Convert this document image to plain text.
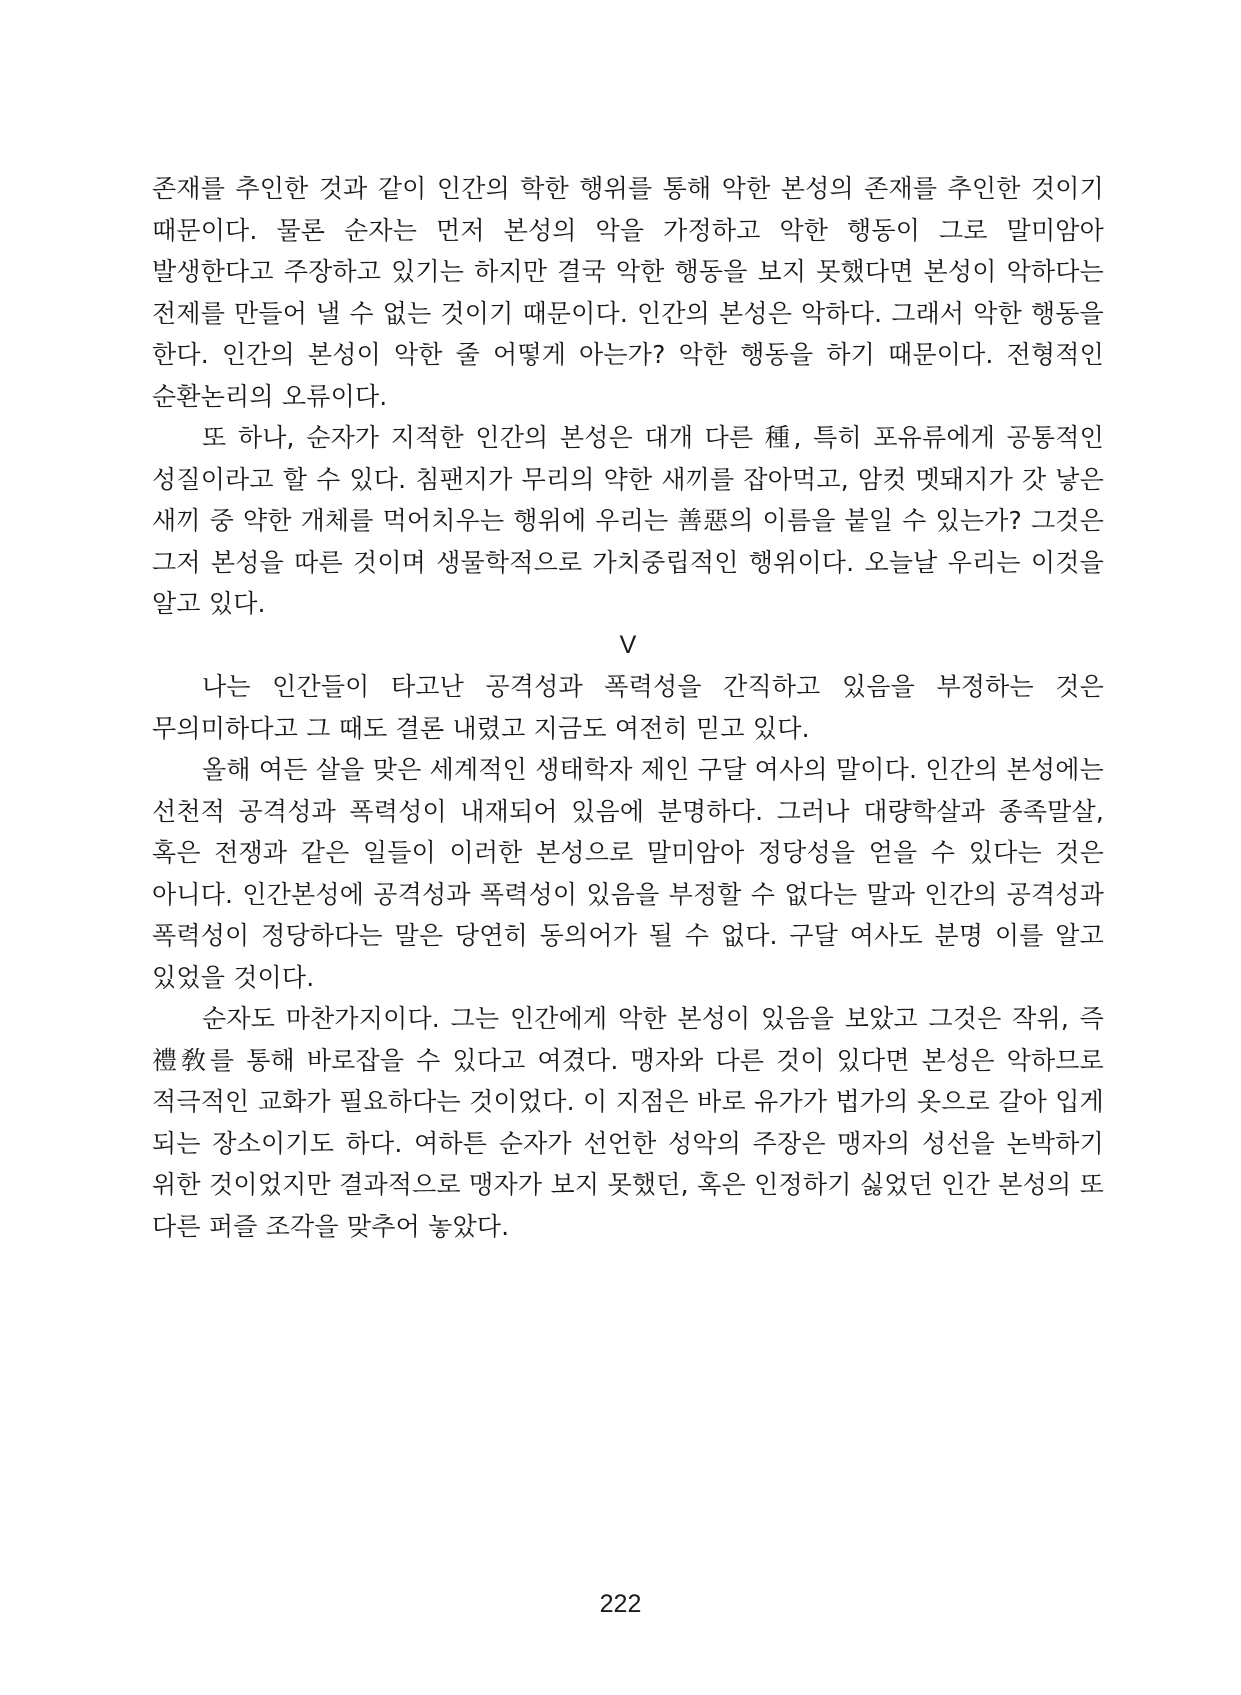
존재를 추인한 것과 같이 인간의 학한 행위를 통해 악한 본성의 존재를 추인한 것이기 때문이다. 물론 순자는 먼저 본성의 악을 가정하고 악한 행동이 그로 말미암아 발생한다고 주장하고 있기는 하지만 결국 악한 행동을 보지 못했다면 본성이 악하다는 전제를 만들어 낼 수 없는 것이기 때문이다. 인간의 본성은 악하다. 그래서 악한 행동을 한다. 인간의 본성이 악한 줄 어떻게 아는가? 악한 행동을 하기 때문이다. 전형적인 순환논리의 오류이다.

또 하나, 순자가 지적한 인간의 본성은 대개 다른 種, 특히 포유류에게 공통적인 성질이라고 할 수 있다. 침팬지가 무리의 약한 새끼를 잡아먹고, 암컷 멧돼지가 갓 낳은 새끼 중 약한 개체를 먹어치우는 행위에 우리는 善惡의 이름을 붙일 수 있는가? 그것은 그저 본성을 따른 것이며 생물학적으로 가치중립적인 행위이다. 오늘날 우리는 이것을 알고 있다.

V

나는 인간들이 타고난 공격성과 폭력성을 간직하고 있음을 부정하는 것은 무의미하다고 그 때도 결론 내렸고 지금도 여전히 믿고 있다.

올해 여든 살을 맞은 세계적인 생태학자 제인 구달 여사의 말이다. 인간의 본성에는 선천적 공격성과 폭력성이 내재되어 있음에 분명하다. 그러나 대량학살과 종족말살, 혹은 전쟁과 같은 일들이 이러한 본성으로 말미암아 정당성을 얻을 수 있다는 것은 아니다. 인간본성에 공격성과 폭력성이 있음을 부정할 수 없다는 말과 인간의 공격성과 폭력성이 정당하다는 말은 당연히 동의어가 될 수 없다. 구달 여사도 분명 이를 알고 있었을 것이다.

순자도 마찬가지이다. 그는 인간에게 악한 본성이 있음을 보았고 그것은 작위, 즉 禮敎를 통해 바로잡을 수 있다고 여겼다. 맹자와 다른 것이 있다면 본성은 악하므로 적극적인 교화가 필요하다는 것이었다. 이 지점은 바로 유가가 법가의 옷으로 갈아 입게 되는 장소이기도 하다. 여하튼 순자가 선언한 성악의 주장은 맹자의 성선을 논박하기 위한 것이었지만 결과적으로 맹자가 보지 못했던, 혹은 인정하기 싫었던 인간 본성의 또 다른 퍼즐 조각을 맞추어 놓았다.

222
